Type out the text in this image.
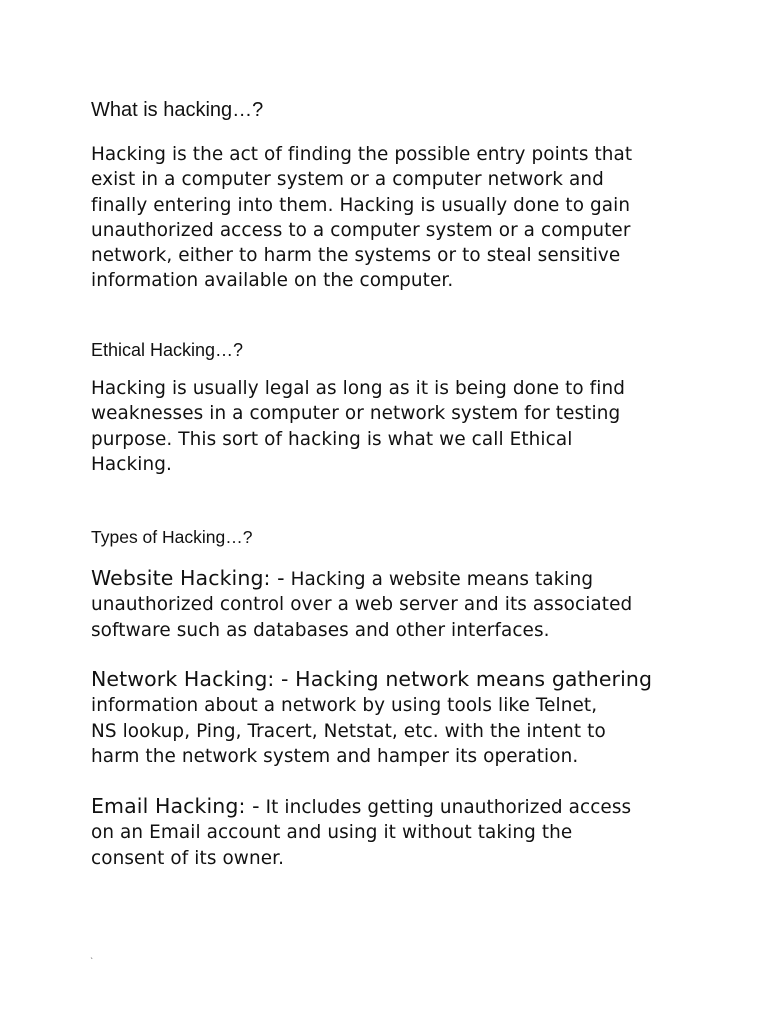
What is hacking…?
Hacking is the act of finding the possible entry points that
exist in a computer system or a computer network and
finally entering into them. Hacking is usually done to gain
unauthorized access to a computer system or a computer
network, either to harm the systems or to steal sensitive
information available on the computer.
Ethical Hacking…?
Hacking is usually legal as long as it is being done to find
weaknesses in a computer or network system for testing
purpose. This sort of hacking is what we call Ethical
Hacking.
Types of Hacking…?
Website Hacking: - Hacking a website means taking
unauthorized control over a web server and its associated
software such as databases and other interfaces.
Network Hacking: - Hacking network means gathering
information about a network by using tools like Telnet,
NS lookup, Ping, Tracert, Netstat, etc. with the intent to
harm the network system and hamper its operation.
Email Hacking: - It includes getting unauthorized access
on an Email account and using it without taking the
consent of its owner.
`
